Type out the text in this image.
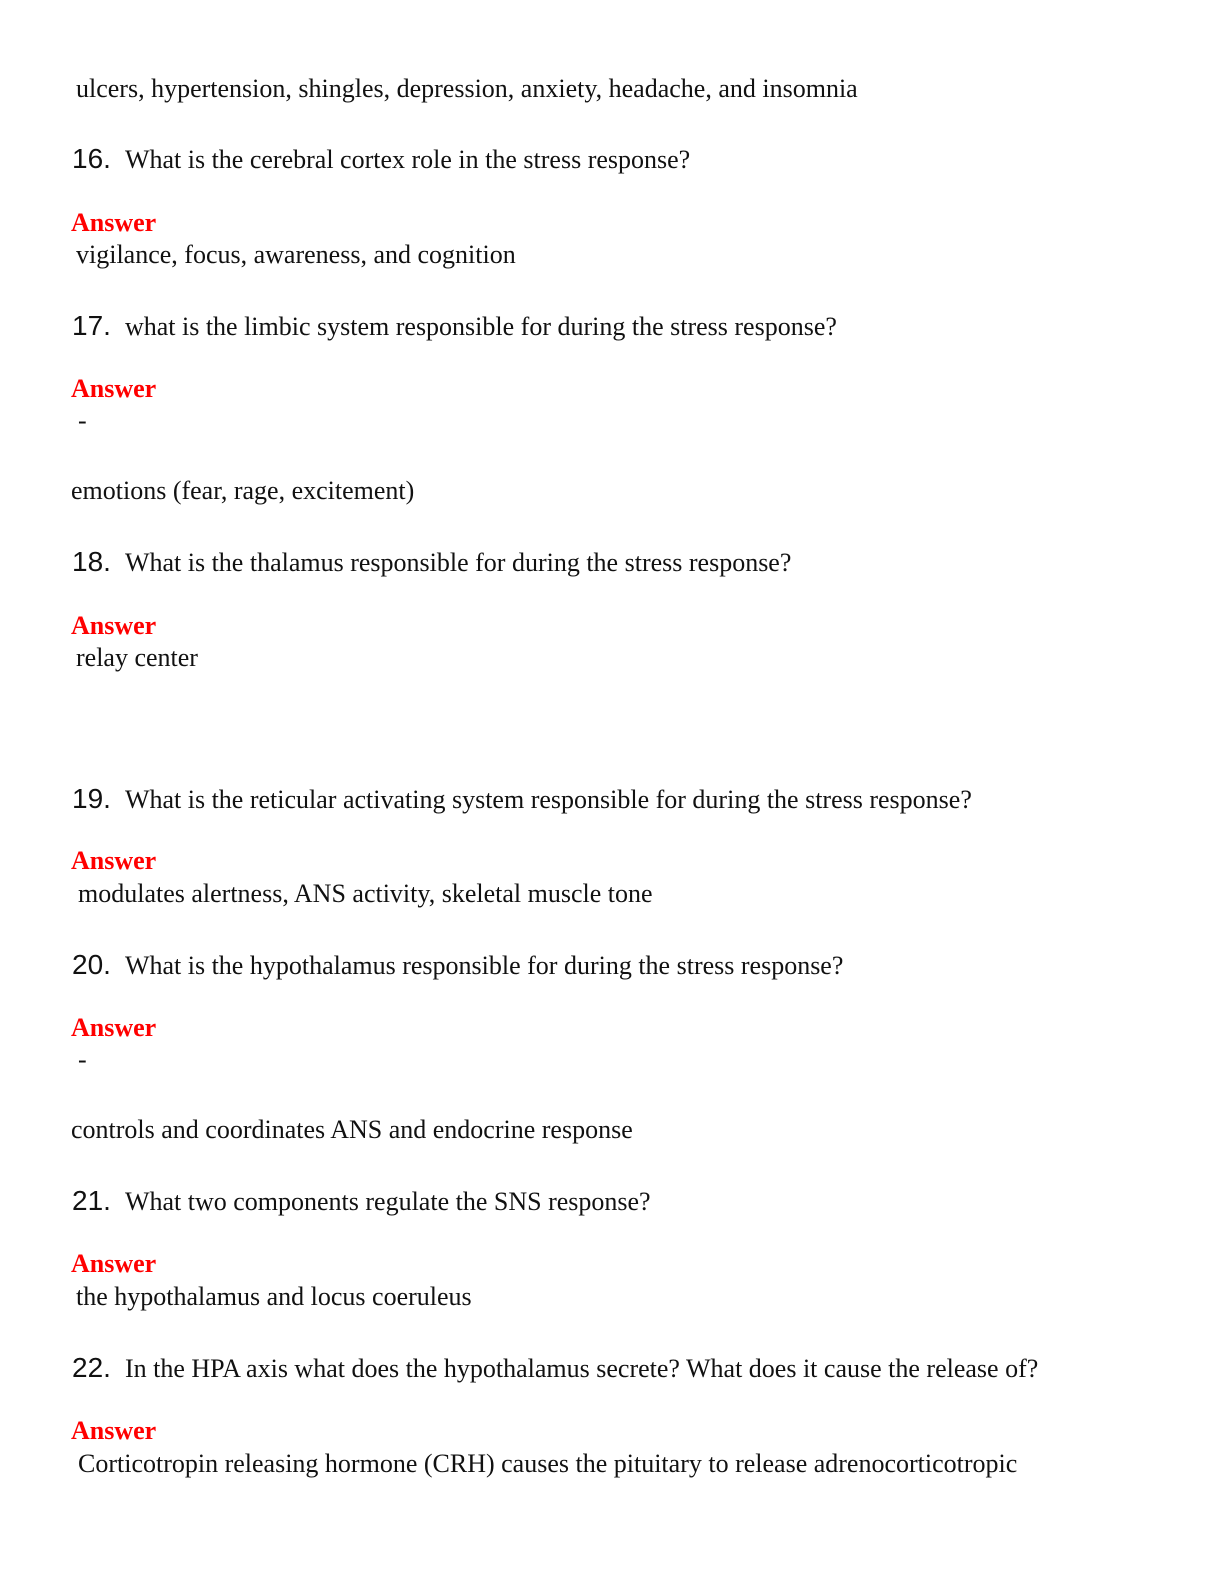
ulcers, hypertension, shingles, depression, anxiety, headache, and insomnia
16. What is the cerebral cortex role in the stress response?
Answer
vigilance, focus, awareness, and cognition
17. what is the limbic system responsible for during the stress response?
Answer
-
emotions (fear, rage, excitement)
18. What is the thalamus responsible for during the stress response?
Answer
relay center
19. What is the reticular activating system responsible for during the stress response?
Answer
modulates alertness, ANS activity, skeletal muscle tone
20. What is the hypothalamus responsible for during the stress response?
Answer
-
controls and coordinates ANS and endocrine response
21. What two components regulate the SNS response?
Answer
the hypothalamus and locus coeruleus
22. In the HPA axis what does the hypothalamus secrete? What does it cause the release of?
Answer
Corticotropin releasing hormone (CRH) causes the pituitary to release adrenocorticotropic
